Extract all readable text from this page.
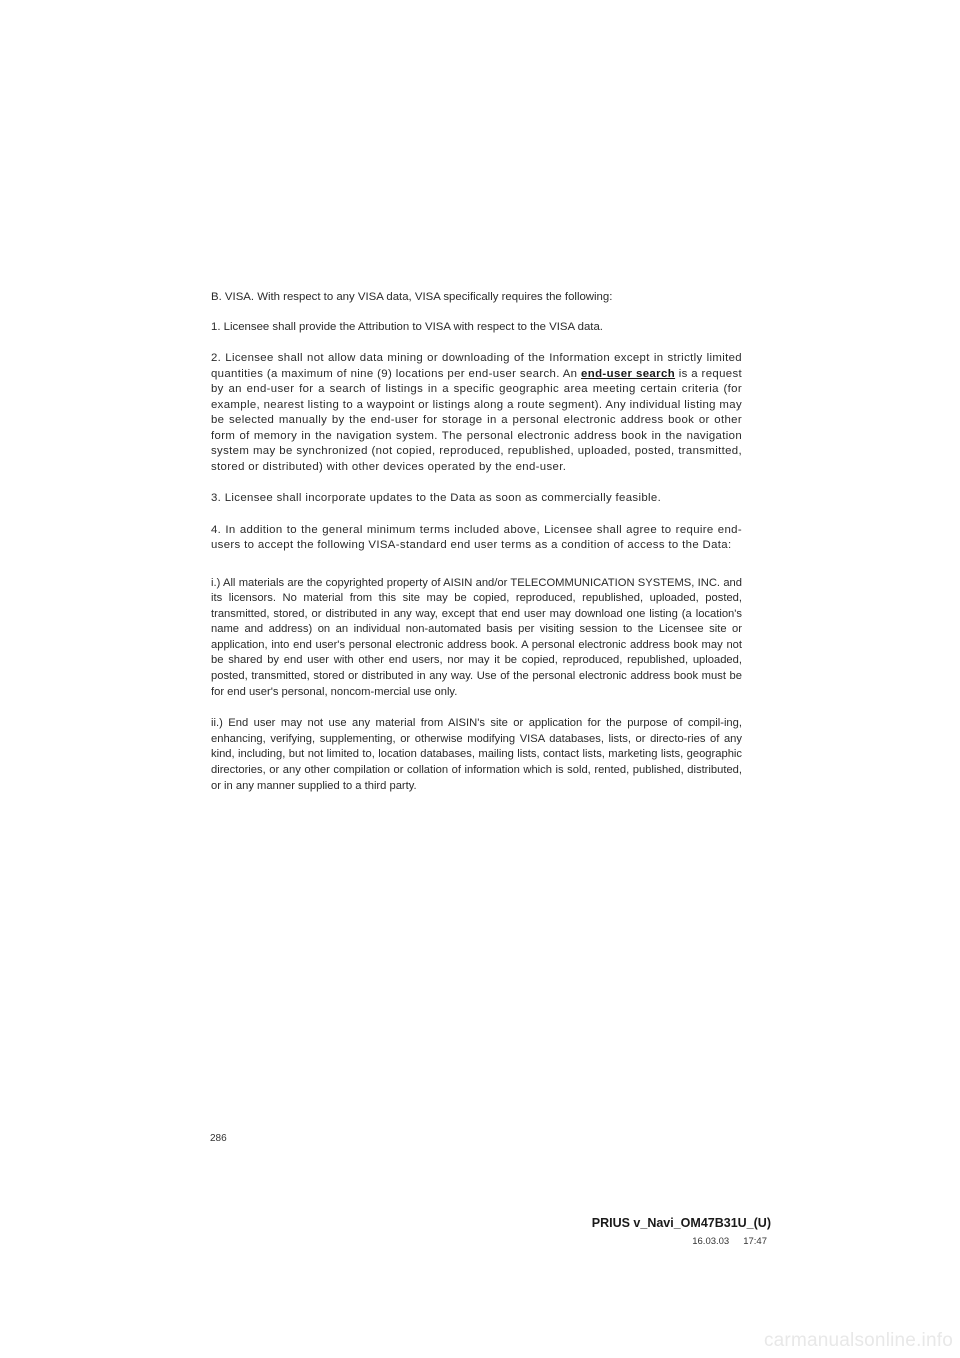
B. VISA. With respect to any VISA data, VISA specifically requires the following:

1. Licensee shall provide the Attribution to VISA with respect to the VISA data.

2. Licensee shall not allow data mining or downloading of the Information except in strictly limited quantities (a maximum of nine (9) locations per end-user search. An end-user search is a request by an end-user for a search of listings in a specific geographic area meeting certain criteria (for example, nearest listing to a waypoint or listings along a route segment). Any individual listing may be selected manually by the end-user for storage in a personal electronic address book or other form of memory in the navigation system. The personal electronic address book in the navigation system may be synchronized (not copied, reproduced, republished, uploaded, posted, transmitted, stored or distributed) with other devices operated by the end-user.

3. Licensee shall incorporate updates to the Data as soon as commercially feasible.

4. In addition to the general minimum terms included above, Licensee shall agree to require end-users to accept the following VISA-standard end user terms as a condition of access to the Data:

i.) All materials are the copyrighted property of AISIN and/or TELECOMMUNICATION SYSTEMS, INC. and its licensors. No material from this site may be copied, reproduced, republished, uploaded, posted, transmitted, stored, or distributed in any way, except that end user may download one listing (a location's name and address) on an individual non-automated basis per visiting session to the Licensee site or application, into end user's personal electronic address book. A personal electronic address book may not be shared by end user with other end users, nor may it be copied, reproduced, republished, uploaded, posted, transmitted, stored or distributed in any way. Use of the personal electronic address book must be for end user's personal, noncom-mercial use only.

ii.) End user may not use any material from AISIN's site or application for the purpose of compil-ing, enhancing, verifying, supplementing, or otherwise modifying VISA databases, lists, or directo-ries of any kind, including, but not limited to, location databases, mailing lists, contact lists, marketing lists, geographic directories, or any other compilation or collation of information which is sold, rented, published, distributed, or in any manner supplied to a third party.

286
PRIUS v_Navi_OM47B31U_(U)
16.03.03 17:47
carmanualsonline.info
